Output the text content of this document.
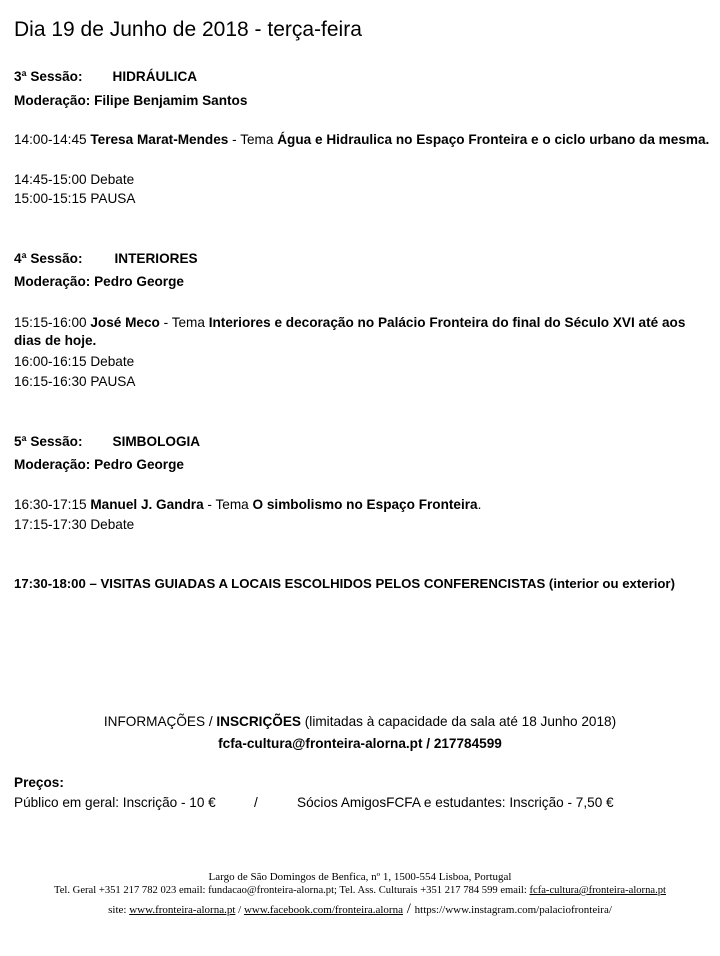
Dia 19 de Junho de 2018 - terça-feira
3ª Sessão: HIDRÁULICA
Moderação: Filipe Benjamim Santos
14:00-14:45 Teresa Marat-Mendes - Tema Água e Hidraulica no Espaço Fronteira e o ciclo urbano da mesma.
14:45-15:00 Debate
15:00-15:15 PAUSA
4ª Sessão: INTERIORES
Moderação: Pedro George
15:15-16:00 José Meco - Tema Interiores e decoração no Palácio Fronteira do final do Século XVI até aos dias de hoje.
16:00-16:15 Debate
16:15-16:30 PAUSA
5ª Sessão: SIMBOLOGIA
Moderação: Pedro George
16:30-17:15 Manuel J. Gandra - Tema O simbolismo no Espaço Fronteira.
17:15-17:30 Debate
17:30-18:00 – VISITAS GUIADAS A LOCAIS ESCOLHIDOS PELOS CONFERENCISTAS (interior ou exterior)
INFORMAÇÕES / INSCRIÇÕES (limitadas à capacidade da sala até 18 Junho 2018)
fcfa-cultura@fronteira-alorna.pt / 217784599
Preços:
Público em geral: Inscrição - 10 €	/	Sócios AmigosFCFA e estudantes: Inscrição - 7,50 €
Largo de São Domingos de Benfica, nº 1, 1500-554 Lisboa, Portugal
Tel. Geral +351 217 782 023 email: fundacao@fronteira-alorna.pt; Tel. Ass. Culturais +351 217 784 599 email: fcfa-cultura@fronteira-alorna.pt
site: www.fronteira-alorna.pt / www.facebook.com/fronteira.alorna / https://www.instagram.com/palaciofronteira/
